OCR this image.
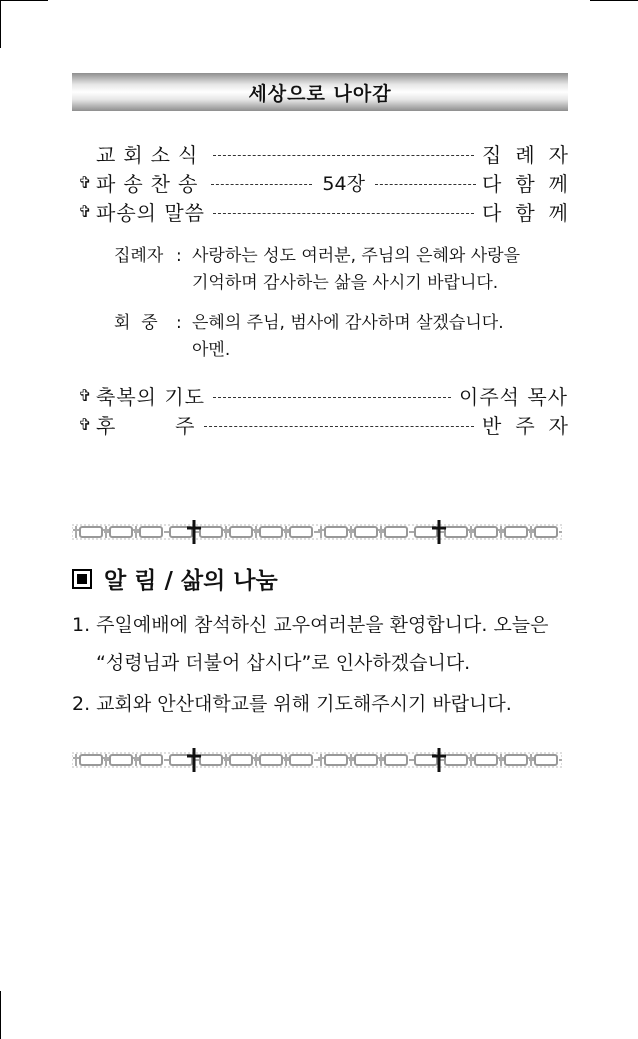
세상으로 나아감
교회소식	집례자
✞ 파송찬송	54장	다함께
✞ 파송의 말씀	다함께
집례자 : 사랑하는 성도 여러분, 주님의 은혜와 사랑을
기억하며 감사하는 삶을 사시기 바랍니다.
회  중	: 은혜의 주님, 범사에 감사하며 살겠습니다.
아멘.
✞ 축복의 기도	이주석 목사
✞ 후        주	반주자
알 림 / 삶의 나눔
1. 주일예배에 참석하신 교우여러분을 환영합니다. 오늘은
“성령님과 더불어 삽시다”로 인사하겠습니다.
2. 교회와 안산대학교를 위해 기도해주시기 바랍니다.
